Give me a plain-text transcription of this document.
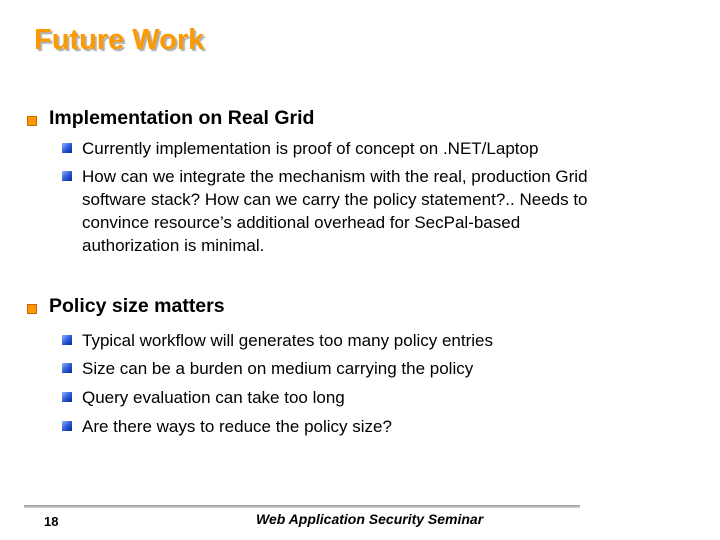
Future Work
Implementation on Real Grid
Currently implementation is proof of concept on .NET/Laptop
How can we integrate the mechanism with the real, production Grid
software stack? How can we carry the policy statement?.. Needs to
convince resource’s additional overhead for SecPal-based
authorization is minimal.
Policy size matters
Typical workflow will generates too many policy entries
Size can be a burden on medium carrying the policy
Query evaluation can take too long
Are there ways to reduce the policy size?
18	Web Application Security Seminar
